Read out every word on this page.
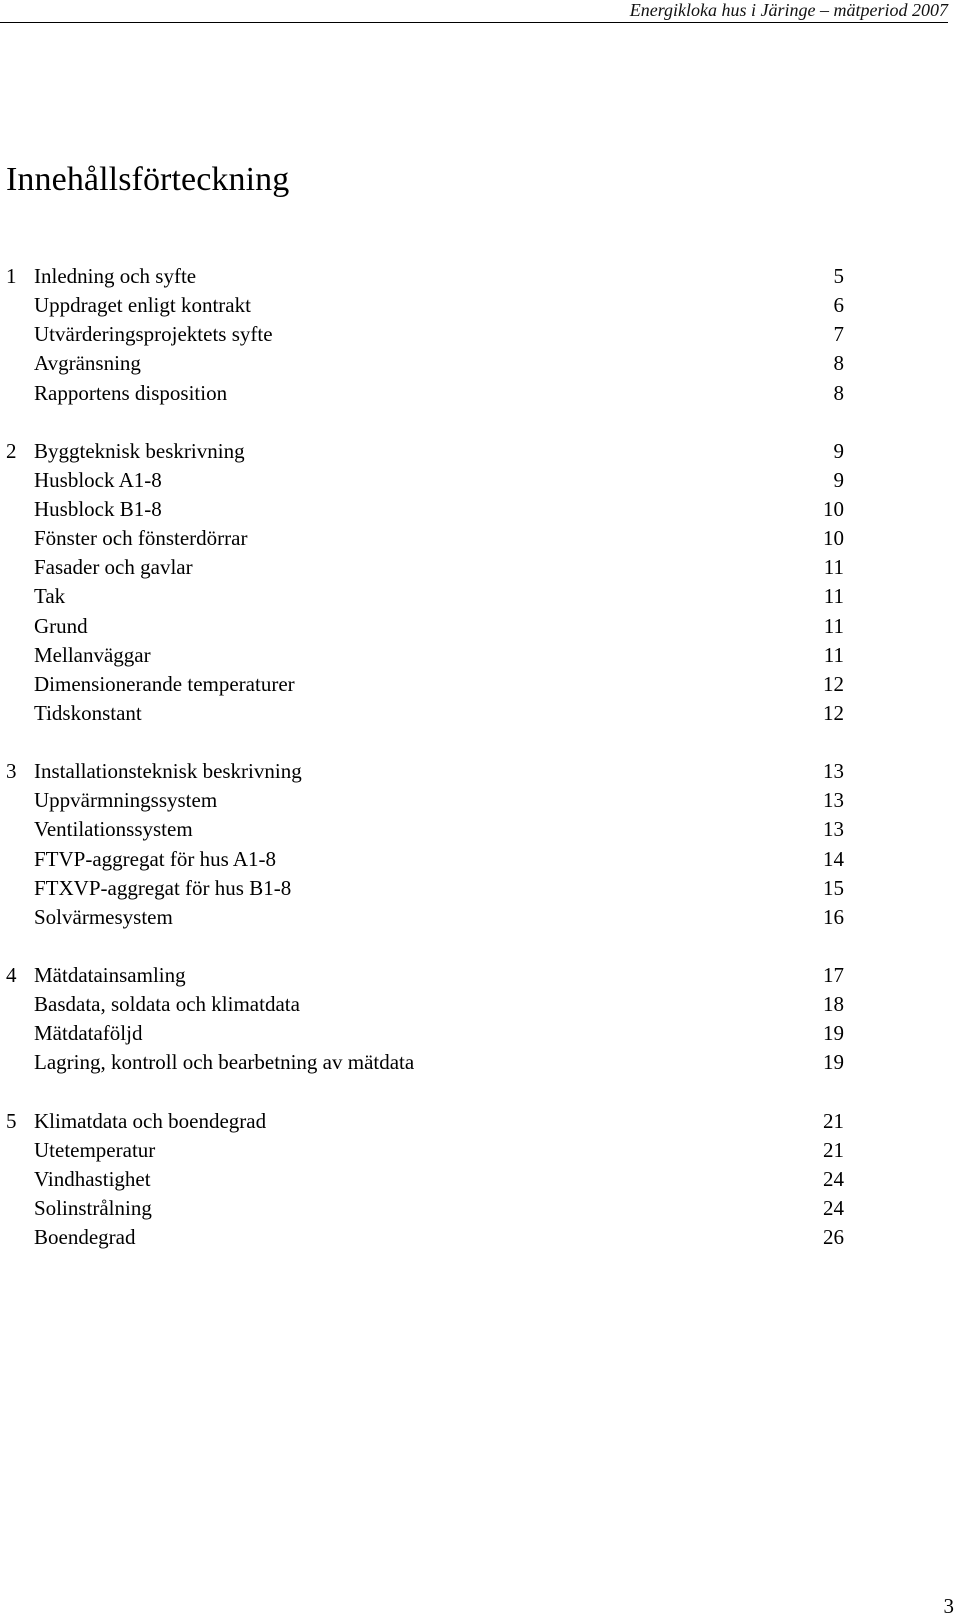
Energikloka hus i Järinge – mätperiod 2007
Innehållsförteckning
1 Inledning och syfte	5
Uppdraget enligt kontrakt	6
Utvärderingsprojektets syfte	7
Avgränsning	8
Rapportens disposition	8
2 Byggteknisk beskrivning	9
Husblock A1-8	9
Husblock B1-8	10
Fönster och fönsterdörrar	10
Fasader och gavlar	11
Tak	11
Grund	11
Mellanväggar	11
Dimensionerande temperaturer	12
Tidskonstant	12
3 Installationsteknisk beskrivning	13
Uppvärmningssystem	13
Ventilationssystem	13
FTVP-aggregat för hus A1-8	14
FTXVP-aggregat för hus B1-8	15
Solvärmesystem	16
4 Mätdatainsamling	17
Basdata, soldata och klimatdata	18
Mätdataföljd	19
Lagring, kontroll och bearbetning av mätdata	19
5 Klimatdata och boendegrad	21
Utetemperatur	21
Vindhastighet	24
Solinstrålning	24
Boendegrad	26
3
